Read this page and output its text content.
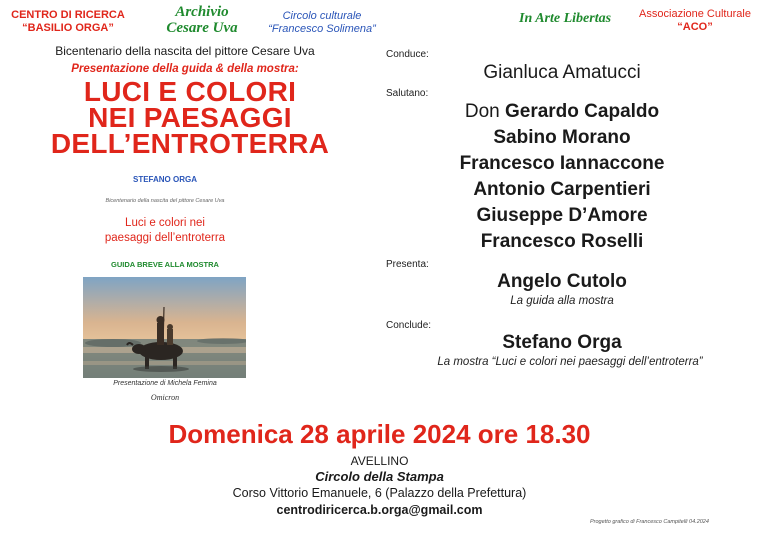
CENTRO DI RICERCA
“BASILIO ORGA”
Archivio
Cesare Uva
Circolo culturale
“Francesco Solimena”
In Arte Libertas	Associazione Culturale
“ACO”
Bicentenario della nascita del pittore Cesare Uva
Presentazione della guida & della mostra:
LUCI E COLORI
NEI PAESAGGI
DELL’ENTROTERRA
STEFANO ORGA
Bicentenario della nascita del pittore Cesare Uva
Luci e colori nei
paesaggi dell’entroterra
GUIDA BREVE ALLA MOSTRA
Presentazione di Michela Femina
Omicron
Conduce:
Gianluca Amatucci
Salutano:
Don Gerardo Capaldo
Sabino Morano
Francesco Iannaccone
Antonio Carpentieri
Giuseppe D’Amore
Francesco Roselli
Presenta:
Angelo Cutolo
La guida alla mostra
Conclude:
Stefano Orga
La mostra “Luci e colori nei paesaggi dell’entroterra”
Domenica 28 aprile 2024 ore 18.30
AVELLINO
Circolo della Stampa
Corso Vittorio Emanuele, 6 (Palazzo della Prefettura)
centrodiricerca.b.orga@gmail.com
Progetto grafico di Francesco Campitelli 04.2024
